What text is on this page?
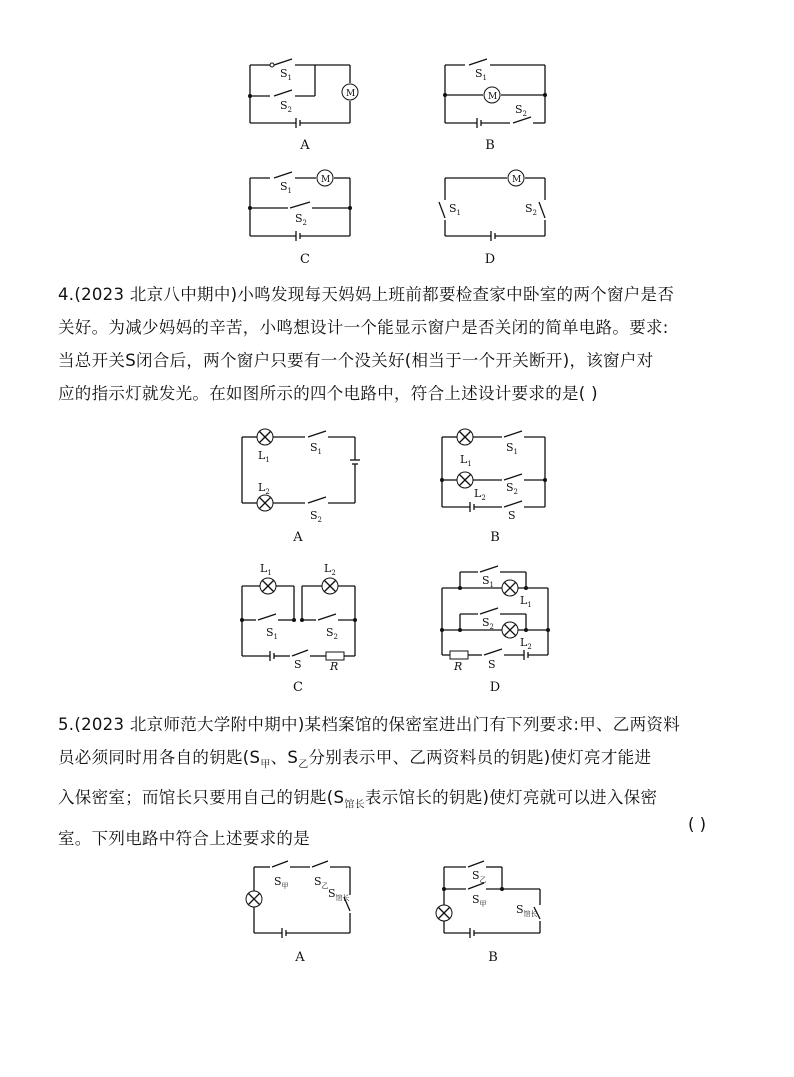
M
$S_1$
$S_2$
A
M
$S_1$
$S_2$
B
M
$S_1$
$S_2$
C
M
$S_1$	$S_2$
D

4.(2023 北京八中期中)小鸣发现每天妈妈上班前都要检查家中卧室的两个窗户是否

关好。为减少妈妈的辛苦，小鸣想设计一个能显示窗户是否关闭的简单电路。要求:

当总开关S闭合后，两个窗户只要有一个没关好(相当于一个开关断开)，该窗户对

应的指示灯就发光。在如图所示的四个电路中，符合上述设计要求的是( )

$L_1$
$S_1$
$L_2$
$S_2$
A
$L_1$
$S_1$
$L_2$
$S_2$
S
B
$L_1$	$L_2$
$S_1$	$S_2$
S	R
C
$S_1$
$L_1$
$S_2$
$L_2$
R S
D

5.(2023 北京师范大学附中期中)某档案馆的保密室进出门有下列要求:甲、乙两资料

员必须同时用各自的钥匙($S_甲$、$S_乙$分别表示甲、乙两资料员的钥匙)使灯亮才能进

入保密室；而馆长只要用自己的钥匙($S_{馆长}$表示馆长的钥匙)使灯亮就可以进入保密

室。下列电路中符合上述要求的是

( )
$S_甲$ $S_乙$
$S_{馆长}$
A
$S_乙$
$S_甲$	$S_{馆长}$
B
